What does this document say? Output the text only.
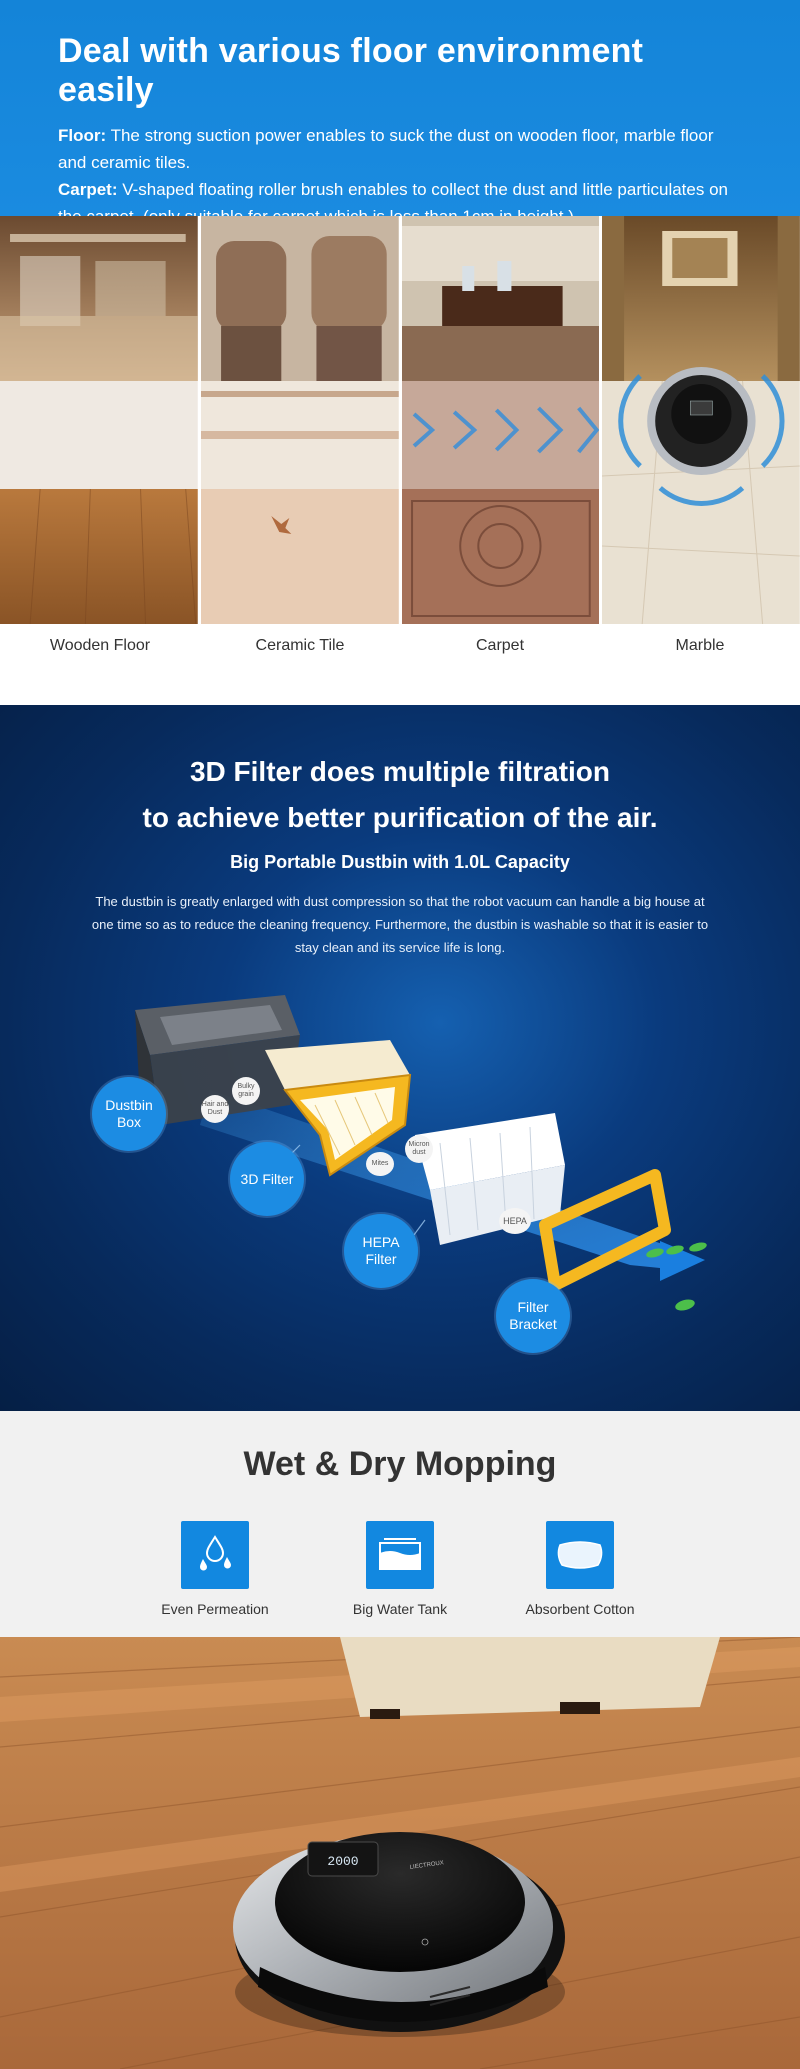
Deal with various floor environment easily

Floor: The strong suction power enables to suck the dust on wooden floor, marble floor and ceramic tiles.

Carpet: V-shaped floating roller brush enables to collect the dust and little particulates on

Wooden Floor	Ceramic Tile	Carpet	Marble
3D Filter does multiple filtration
to achieve better purification of the air.
Big Portable Dustbin with 1.0L Capacity
The dustbin is greatly enlarged with dust compression so that the robot vacuum can handle a big house at one time so as to reduce the cleaning frequency. Furthermore, the dustbin is washable so that it is easier to stay clean and its service life is long.
Bulky grain
Hair and Dust
Micron dust
Mites
HEPA
Dustbin Box
3D Filter
HEPA Filter
Filter Bracket
Wet & Dry Mopping
Even Permeation	Big Water Tank	Absorbent Cotton
2000	LIECTROUX
